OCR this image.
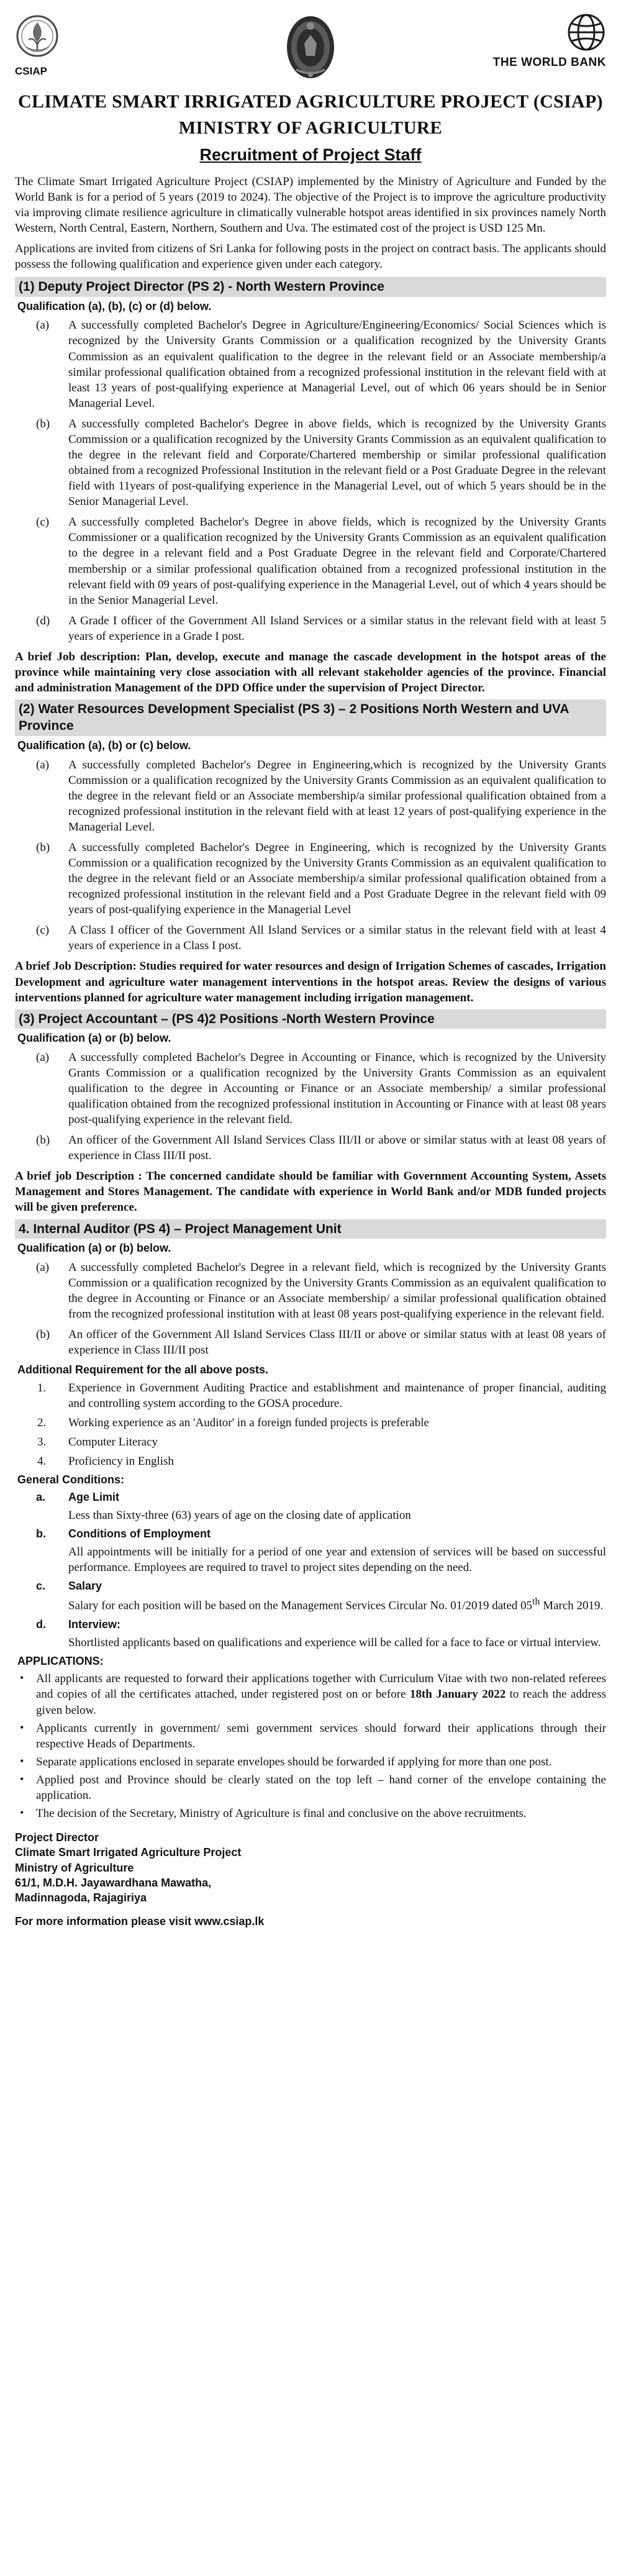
CSIAP
THE WORLD BANK
CLIMATE SMART IRRIGATED AGRICULTURE PROJECT (CSIAP)
MINISTRY OF AGRICULTURE
Recruitment of Project Staff

The Climate Smart Irrigated Agriculture Project (CSIAP) implemented by the Ministry of Agriculture and Funded by the World Bank is for a period of 5 years (2019 to 2024). The objective of the Project is to improve the agriculture productivity via improving climate resilience agriculture in climatically vulnerable hotspot areas identified in six provinces namely North Western, North Central, Eastern, Northern, Southern and Uva. The estimated cost of the project is USD 125 Mn.

Applications are invited from citizens of Sri Lanka for following posts in the project on contract basis. The applicants should possess the following qualification and experience given under each category.

(1) Deputy Project Director (PS 2) - North Western Province
Qualification (a), (b), (c) or (d) below.
(a)	A successfully completed Bachelor's Degree in Agriculture/Engineering/Economics/ Social Sciences which is recognized by the University Grants Commission or a qualification recognized by the University Grants Commission as an equivalent qualification to the degree in the relevant field or an Associate membership/a similar professional qualification obtained from a recognized professional institution in the relevant field with at least 13 years of post-qualifying experience at Managerial Level, out of which 06 years should be in Senior Managerial Level.
(b)	A successfully completed Bachelor's Degree in above fields, which is recognized by the University Grants Commission or a qualification recognized by the University Grants Commission as an equivalent qualification to the degree in the relevant field and Corporate/Chartered membership or similar professional qualification obtained from a recognized Professional Institution in the relevant field or a Post Graduate Degree in the relevant field with 11years of post-qualifying experience in the Managerial Level, out of which 5 years should be in the Senior Managerial Level.
(c)	A successfully completed Bachelor's Degree in above fields, which is recognized by the University Grants Commissioner or a qualification recognized by the University Grants Commission as an equivalent qualification to the degree in a relevant field and a Post Graduate Degree in the relevant field and Corporate/Chartered membership or a similar professional qualification obtained from a recognized professional institution in the relevant field with 09 years of post-qualifying experience in the Managerial Level, out of which 4 years should be in the Senior Managerial Level.
(d)	A Grade I officer of the Government All Island Services or a similar status in the relevant field with at least 5 years of experience in a Grade I post.

A brief Job description: Plan, develop, execute and manage the cascade development in the hotspot areas of the province while maintaining very close association with all relevant stakeholder agencies of the province. Financial and administration Management of the DPD Office under the supervision of Project Director.

(2) Water Resources Development Specialist (PS 3) – 2 Positions North Western and UVA Province
Qualification (a), (b) or (c) below.
(a)	A successfully completed Bachelor's Degree in Engineering,which is recognized by the University Grants Commission or a qualification recognized by the University Grants Commission as an equivalent qualification to the degree in the relevant field or an Associate membership/a similar professional qualification obtained from a recognized professional institution in the relevant field with at least 12 years of post-qualifying experience in the Managerial Level.
(b)	A successfully completed Bachelor's Degree in Engineering, which is recognized by the University Grants Commission or a qualification recognized by the University Grants Commission as an equivalent qualification to the degree in the relevant field or an Associate membership/a similar professional qualification obtained from a recognized professional institution in the relevant field and a Post Graduate Degree in the relevant field with 09 years of post-qualifying experience in the Managerial Level
(c)	A Class I officer of the Government All Island Services or a similar status in the relevant field with at least 4 years of experience in a Class I post.

A brief Job Description: Studies required for water resources and design of Irrigation Schemes of cascades, Irrigation Development and agriculture water management interventions in the hotspot areas. Review the designs of various interventions planned for agriculture water management including irrigation management.

(3) Project Accountant – (PS 4)2 Positions -North Western Province
Qualification (a) or (b) below.
(a)	A successfully completed Bachelor's Degree in Accounting or Finance, which is recognized by the University Grants Commission or a qualification recognized by the University Grants Commission as an equivalent qualification to the degree in Accounting or Finance or an Associate membership/ a similar professional qualification obtained from the recognized professional institution in Accounting or Finance with at least 08 years post-qualifying experience in the relevant field.
(b)	An officer of the Government All Island Services Class III/II or above or similar status with at least 08 years of experience in Class III/II post.

A brief job Description : The concerned candidate should be familiar with Government Accounting System, Assets Management and Stores Management. The candidate with experience in World Bank and/or MDB funded projects will be given preference.

4. Internal Auditor (PS 4) – Project Management Unit
Qualification (a) or (b) below.
(a)	A successfully completed Bachelor's Degree in a relevant field, which is recognized by the University Grants Commission or a qualification recognized by the University Grants Commission as an equivalent qualification to the degree in Accounting or Finance or an Associate membership/ a similar professional qualification obtained from the recognized professional institution with at least 08 years post-qualifying experience in the relevant field.
(b)	An officer of the Government All Island Services Class III/II or above or similar status with at least 08 years of experience in Class III/II post
Additional Requirement for the all above posts.
1.	Experience in Government Auditing Practice and establishment and maintenance of proper financial, auditing and controlling system according to the GOSA procedure.
2.	Working experience as an 'Auditor' in a foreign funded projects is preferable
3.	Computer Literacy
4.	Proficiency in English
General Conditions:
a.	Age Limit
Less than Sixty-three (63) years of age on the closing date of application
b.	Conditions of Employment
All appointments will be initially for a period of one year and extension of services will be based on successful performance. Employees are required to travel to project sites depending on the need.
c.	Salary
Salary for each position will be based on the Management Services Circular No. 01/2019 dated 05th March 2019.
d.	Interview:
Shortlisted applicants based on qualifications and experience will be called for a face to face or virtual interview.
APPLICATIONS:
•	All applicants are requested to forward their applications together with Curriculum Vitae with two non-related referees and copies of all the certificates attached, under registered post on or before 18th January 2022 to reach the address given below.
•	Applicants currently in government/ semi government services should forward their applications through their respective Heads of Departments.
•	Separate applications enclosed in separate envelopes should be forwarded if applying for more than one post.
•	Applied post and Province should be clearly stated on the top left – hand corner of the envelope containing the application.
•	The decision of the Secretary, Ministry of Agriculture is final and conclusive on the above recruitments.
Project Director
Climate Smart Irrigated Agriculture Project
Ministry of Agriculture
61/1, M.D.H. Jayawardhana Mawatha,
Madinnagoda, Rajagiriya
For more information please visit www.csiap.lk
